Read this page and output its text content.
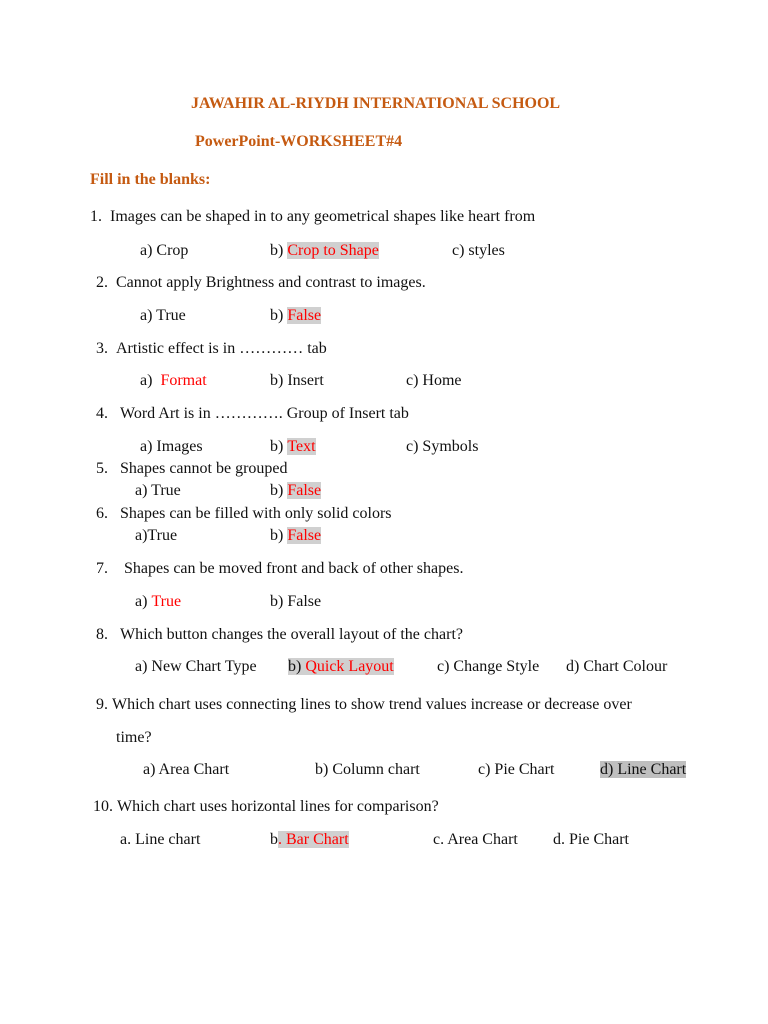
JAWAHIR AL-RIYDH INTERNATIONAL SCHOOL
PowerPoint-WORKSHEET#4
Fill in the blanks:
1. Images can be shaped in to any geometrical shapes like heart from
a) Crop	b) Crop to Shape	c) styles
2. Cannot apply Brightness and contrast to images.
a) True	b) False
3. Artistic effect is in ………… tab
a) Format	b) Insert	c) Home
4. Word Art is in …………. Group of Insert tab
a) Images	b) Text	c) Symbols
5. Shapes cannot be grouped
a) True	b) False
6. Shapes can be filled with only solid colors
a)True	b) False
7. Shapes can be moved front and back of other shapes.
a) True	b) False
8. Which button changes the overall layout of the chart?
a) New Chart Type b) Quick Layout	c) Change Style d) Chart Colour
9. Which chart uses connecting lines to show trend values increase or decrease over
time?
a) Area Chart	b) Column chart	c) Pie Chart	d) Line Chart
10. Which chart uses horizontal lines for comparison?
a. Line chart	b. Bar Chart	c. Area Chart d. Pie Chart
